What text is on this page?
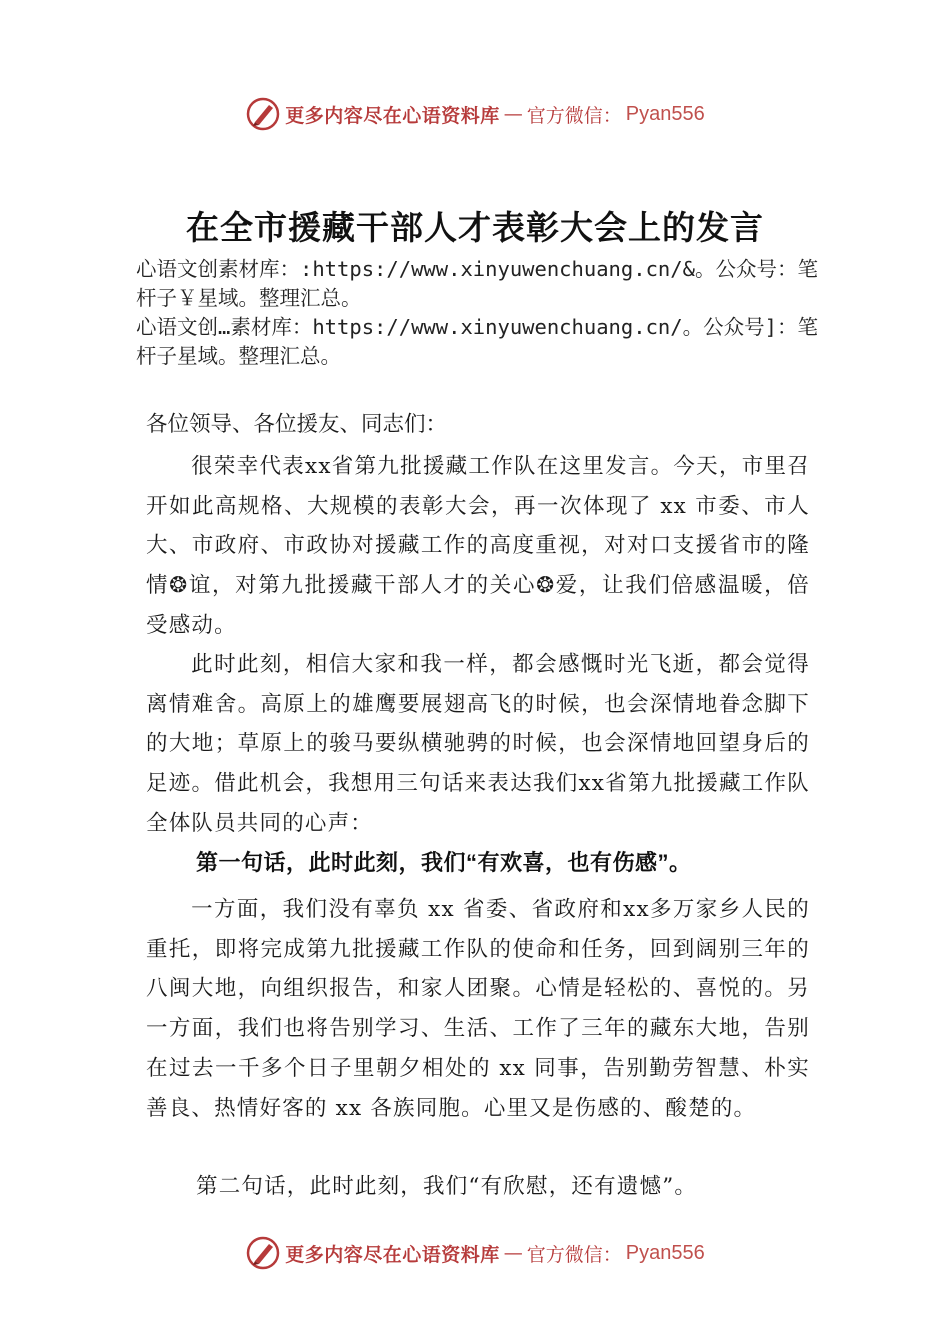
更多内容尽在心语资料库 — 官方微信： Pyan556
在全市援藏干部人才表彰大会上的发言

心语文创素材库：:https://www.xinyuwenchuang.cn/&。公众号：笔杆子￥星域。整理汇总。

心语文创…素材库：https://www.xinyuwenchuang.cn/。公众号]：笔杆子星域。整理汇总。

各位领导、各位援友、同志们：

很荣幸代表xx省第九批援藏工作队在这里发言。今天，市里召开如此高规格、大规模的表彰大会，再一次体现了 xx 市委、市人大、市政府、市政协对援藏工作的高度重视，对对口支援省市的隆情❂谊，对第九批援藏干部人才的关心❂爱，让我们倍感温暖，倍受感动。

此时此刻，相信大家和我一样，都会感慨时光飞逝，都会觉得离情难舍。高原上的雄鹰要展翅高飞的时候，也会深情地眷念脚下的大地；草原上的骏马要纵横驰骋的时候，也会深情地回望身后的足迹。借此机会，我想用三句话来表达我们xx省第九批援藏工作队全体队员共同的心声：

第一句话，此时此刻，我们“有欢喜，也有伤感”。

一方面，我们没有辜负 xx 省委、省政府和xx多万家乡人民的重托，即将完成第九批援藏工作队的使命和任务，回到阔别三年的八闽大地，向组织报告，和家人团聚。心情是轻松的、喜悦的。另一方面，我们也将告别学习、生活、工作了三年的藏东大地，告别在过去一千多个日子里朝夕相处的 xx 同事，告别勤劳智慧、朴实善良、热情好客的 xx 各族同胞。心里又是伤感的、酸楚的。

第二句话，此时此刻，我们“有欣慰，还有遗憾”。
更多内容尽在心语资料库 — 官方微信： Pyan556
